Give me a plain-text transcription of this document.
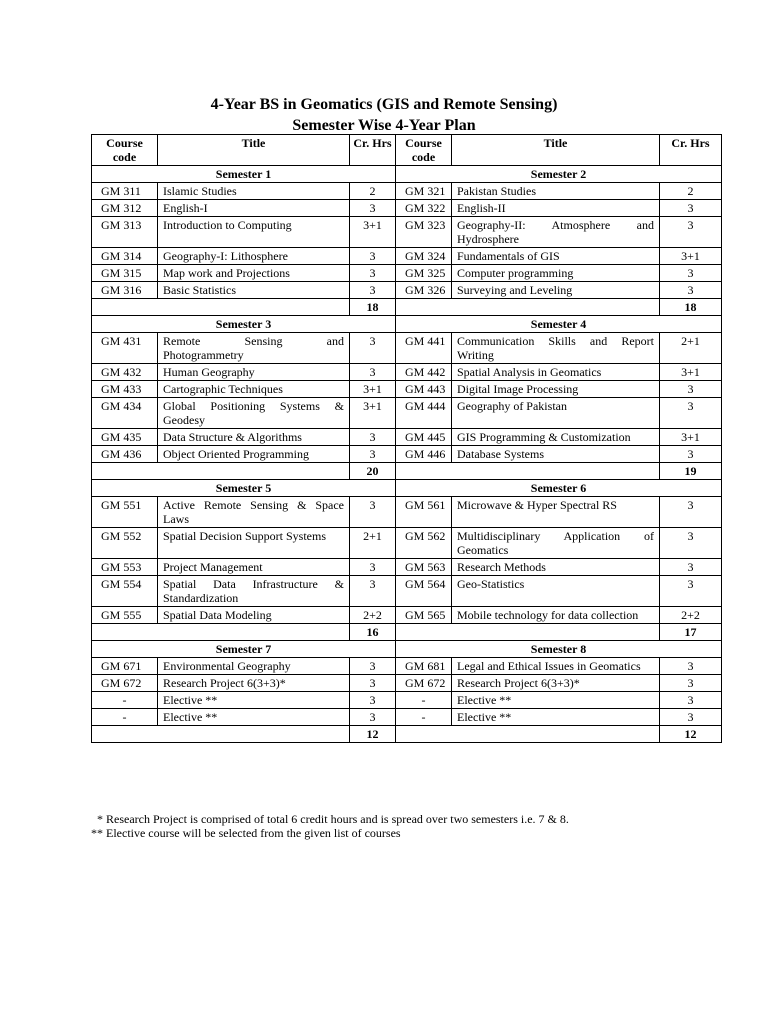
4-Year BS in Geomatics (GIS and Remote Sensing)
Semester Wise 4-Year Plan
Course code	Title	Cr. Hrs	Course code	Title	Cr. Hrs
Semester 1			Semester 2		
GM 311	Islamic Studies	2	GM 321	Pakistan Studies	2
GM 312	English-I	3	GM 322	English-II	3
GM 313	Introduction to Computing	3+1	GM 323	Geography-II: Atmosphere and Hydrosphere	3
GM 314	Geography-I: Lithosphere	3	GM 324	Fundamentals of GIS	3+1
GM 315	Map work and Projections	3	GM 325	Computer programming	3
GM 316	Basic Statistics	3	GM 326	Surveying and Leveling	3
		18			18
Semester 3			Semester 4		
GM 431	Remote Sensing and Photogrammetry	3	GM 441	Communication Skills and Report Writing	2+1
GM 432	Human Geography	3	GM 442	Spatial Analysis in Geomatics	3+1
GM 433	Cartographic Techniques	3+1	GM 443	Digital Image Processing	3
GM 434	Global Positioning Systems & Geodesy	3+1	GM 444	Geography of Pakistan	3
GM 435	Data Structure & Algorithms	3	GM 445	GIS Programming & Customization	3+1
GM 436	Object Oriented Programming	3	GM 446	Database Systems	3
		20			19
Semester 5			Semester 6		
GM 551	Active Remote Sensing & Space Laws	3	GM 561	Microwave & Hyper Spectral RS	3
GM 552	Spatial Decision Support Systems	2+1	GM 562	Multidisciplinary Application of Geomatics	3
GM 553	Project Management	3	GM 563	Research Methods	3
GM 554	Spatial Data Infrastructure & Standardization	3	GM 564	Geo-Statistics	3
GM 555	Spatial Data Modeling	2+2	GM 565	Mobile technology for data collection	2+2
		16			17
Semester 7			Semester 8		
GM 671	Environmental Geography	3	GM 681	Legal and Ethical Issues in Geomatics	3
GM 672	Research Project 6(3+3)*	3	GM 672	Research Project 6(3+3)*	3
-	Elective **	3	-	Elective **	3
-	Elective **	3	-	Elective **	3
		12			12
* Research Project is comprised of total 6 credit hours and is spread over two semesters i.e. 7 & 8.
** Elective course will be selected from the given list of courses
